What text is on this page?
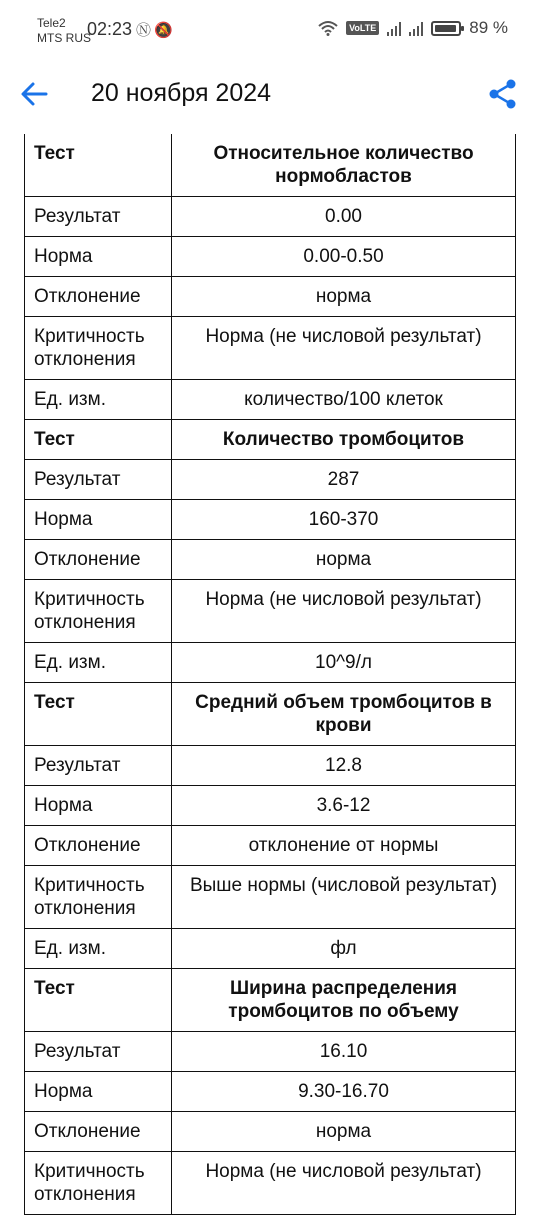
Tele2
MTS RUS
02:23 Ⓝ🔕	VoLTE	89 %
20 ноября 2024
Тест	Относительное количество нормобластов
Результат	0.00
Норма	0.00-0.50
Отклонение	норма
Критичность отклонения	Норма (не числовой результат)
Ед. изм.	количество/100 клеток
Тест	Количество тромбоцитов
Результат	287
Норма	160-370
Отклонение	норма
Критичность отклонения	Норма (не числовой результат)
Ед. изм.	10^9/л
Тест	Средний объем тромбоцитов в крови
Результат	12.8
Норма	3.6-12
Отклонение	отклонение от нормы
Критичность отклонения	Выше нормы (числовой результат)
Ед. изм.	фл
Тест	Ширина распределения тромбоцитов по объему
Результат	16.10
Норма	9.30-16.70
Отклонение	норма
Критичность отклонения	Норма (не числовой результат)
